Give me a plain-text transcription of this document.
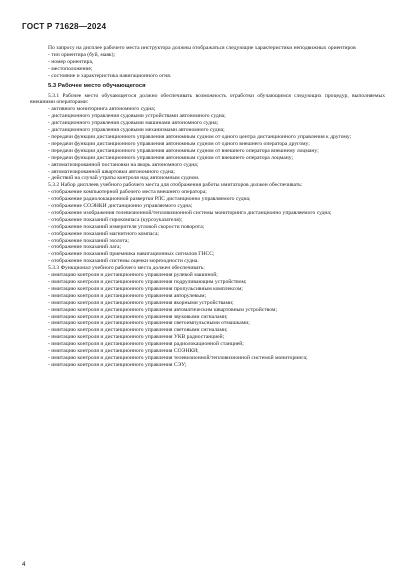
ГОСТ Р 71628—2024

По запросу на дисплее рабочего места инструктора должны отображаться следующие характеристики неподвижных ориентиров

- тип ориентира (буй, маяк);

- номер ориентира,

- местоположение;

- состояние и характеристика навигационного огня.

5.3 Рабочее место обучающегося

5.3.1 Рабочее место обучающегося должно обеспечивать возможность отработки обучающимся следующих процедур, выполняемых внешними операторами:

- активного мониторинга автономного судна;

- дистанционного управления судовыми устройствами автономного судна;

- дистанционного управления судовыми машинами автономного судна;

- дистанционного управления судовыми механизмами автономного судна;

- передачи функции дистанционного управления автономным судном от одного центра дистанционного управления к другому;

- передачи функции дистанционного управления автономным судном от одного внешнего оператора другому;

- передачи функции дистанционного управления автономным судном от внешнего оператора внешнему лоцману;

- передачи функции дистанционного управления автономным судном от внешнего оператора лоцману;

- автоматизированной постановки на якорь автономного судна;

- автоматизированной швартовки автономного судна;

- действий на случай утраты контроля над автономным судном.

5.3.2 Набор дисплеев учебного рабочего места для отображения работы имитаторов должен обеспечивать:

- отображение компьютерной рабочего места внешнего оператора;

- отображение радиолокационной развертки РЛС дистанционно управляемого судна;

- отображение СОЭНКИ дистанционно управляемого судна;

- отображение изображения телевизионной/тепловизионной системы мониторинга дистанционно управляемого судна;

- отображение показаний гирокомпаса (курсоуказателя);

- отображение показаний измерителя угловой скорости поворота;

- отображение показаний магнитного компаса;

- отображение показаний эхолота;

- отображение показаний лага;

- отображение показаний приемника навигационных сигналов ГНСС;

- отображение показаний системы оценки мореходности судна.

5.3.3 Функционал учебного рабочего места должен обеспечивать:

- имитацию контроля и дистанционного управления рулевой машиной;

- имитацию контроля и дистанционного управления подруливающим устройством;

- имитацию контроля и дистанционного управления пропульсивным комплексом;

- имитацию контроля и дистанционного управления авторулевым;

- имитацию контроля и дистанционного управления якорными устройствами;

- имитацию контроля и дистанционного управления автоматическим швартовным устройством;

- имитацию контроля и дистанционного управления звуковыми сигналами;

- имитацию контроля и дистанционного управления светоимпульсными отмашками;

- имитацию контроля и дистанционного управления световыми сигналами;

- имитацию контроля и дистанционного управления УКВ радиостанцией;

- имитацию контроля и дистанционного управления радиолокационной станцией;

- имитацию контроля и дистанционного управления СОЭНКИ;

- имитацию контроля и дистанционного управления телевизионной/тепловизионной системой мониторинга;

- имитацию контроля и дистанционного управления СЭУ;

4
